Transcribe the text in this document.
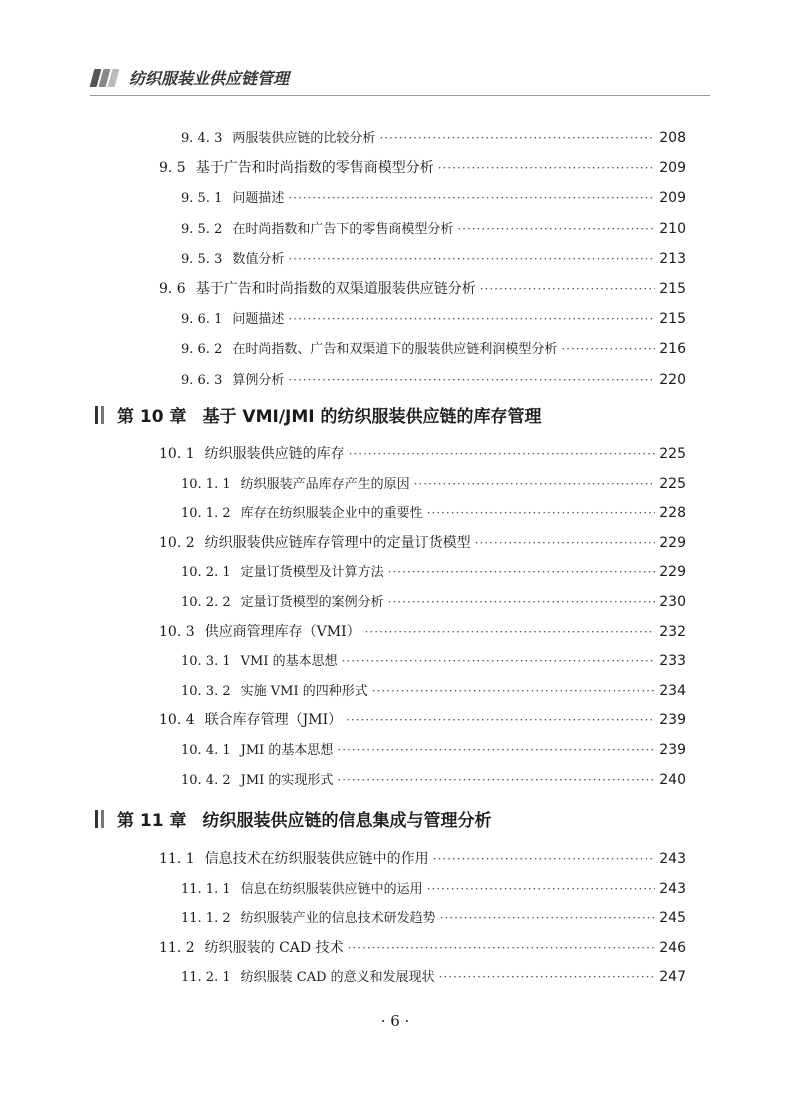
纺织服装业供应链管理
9. 4. 3 两服装供应链的比较分析 ·····	208
9. 5 基于广告和时尚指数的零售商模型分析 ·····	209
9. 5. 1 问题描述 ·····	209
9. 5. 2 在时尚指数和广告下的零售商模型分析 ·····	210
9. 5. 3 数值分析 ·····	213
9. 6 基于广告和时尚指数的双渠道服装供应链分析 ·····	215
9. 6. 1 问题描述 ·····	215
9. 6. 2 在时尚指数、广告和双渠道下的服装供应链利润模型分析 ·····	216
9. 6. 3 算例分析 ·····	220
第 10 章 基于 VMI/JMI 的纺织服装供应链的库存管理
10. 1 纺织服装供应链的库存 ·····	225
10. 1. 1 纺织服装产品库存产生的原因 ·····	225
10. 1. 2 库存在纺织服装企业中的重要性 ·····	228
10. 2 纺织服装供应链库存管理中的定量订货模型 ·····	229
10. 2. 1 定量订货模型及计算方法 ·····	229
10. 2. 2 定量订货模型的案例分析 ·····	230
10. 3 供应商管理库存（VMI） ·····	232
10. 3. 1 VMI 的基本思想 ·····	233
10. 3. 2 实施 VMI 的四种形式 ·····	234
10. 4 联合库存管理（JMI） ·····	239
10. 4. 1 JMI 的基本思想 ·····	239
10. 4. 2 JMI 的实现形式 ·····	240
第 11 章 纺织服装供应链的信息集成与管理分析
11. 1 信息技术在纺织服装供应链中的作用 ·····	243
11. 1. 1 信息在纺织服装供应链中的运用 ·····	243
11. 1. 2 纺织服装产业的信息技术研发趋势 ·····	245
11. 2 纺织服装的 CAD 技术 ·····	246
11. 2. 1 纺织服装 CAD 的意义和发展现状 ·····	247
· 6 ·
